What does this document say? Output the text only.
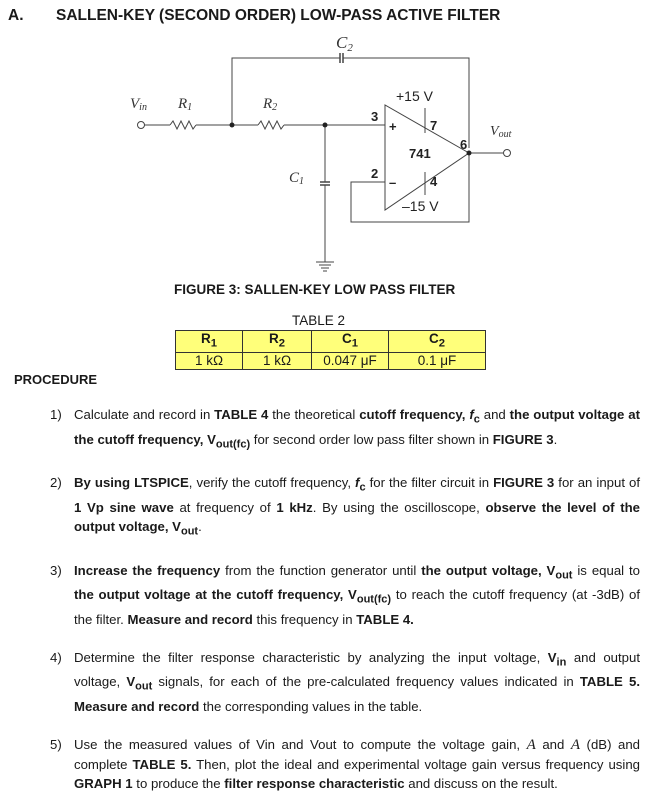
A. SALLEN-KEY (SECOND ORDER) LOW-PASS ACTIVE FILTER
C2
Vin R1	R2
C1
Vout
+15 V
–15 V
741
3
2
7
4
6
+
–
FIGURE 3: SALLEN-KEY LOW PASS FILTER
TABLE 2
$R_1$	$R_2$	$C_1$	$C_2$
1 kΩ	1 kΩ	0.047 μF	0.1 μF
PROCEDURE
1) Calculate and record in TABLE 4 the theoretical cutoff frequency, $f_c$ and the output voltage at the cutoff frequency, $V_{out(fc)}$ for second order low pass filter shown in FIGURE 3.
2) By using LTSPICE, verify the cutoff frequency, $f_c$ for the filter circuit in FIGURE 3 for an input of 1 Vp sine wave at frequency of 1 kHz. By using the oscilloscope, observe the level of the output voltage, $V_{out}$.
3) Increase the frequency from the function generator until the output voltage, $V_{out}$ is equal to the output voltage at the cutoff frequency, $V_{out(fc)}$ to reach the cutoff frequency (at -3dB) of the filter. Measure and record this frequency in TABLE 4.
4) Determine the filter response characteristic by analyzing the input voltage, $V_{in}$ and output voltage, $V_{out}$ signals, for each of the pre-calculated frequency values indicated in TABLE 5. Measure and record the corresponding values in the table.
5) Use the measured values of Vin and Vout to compute the voltage gain, A and A (dB) and complete TABLE 5. Then, plot the ideal and experimental voltage gain versus frequency using GRAPH 1 to produce the filter response characteristic and discuss on the result.
